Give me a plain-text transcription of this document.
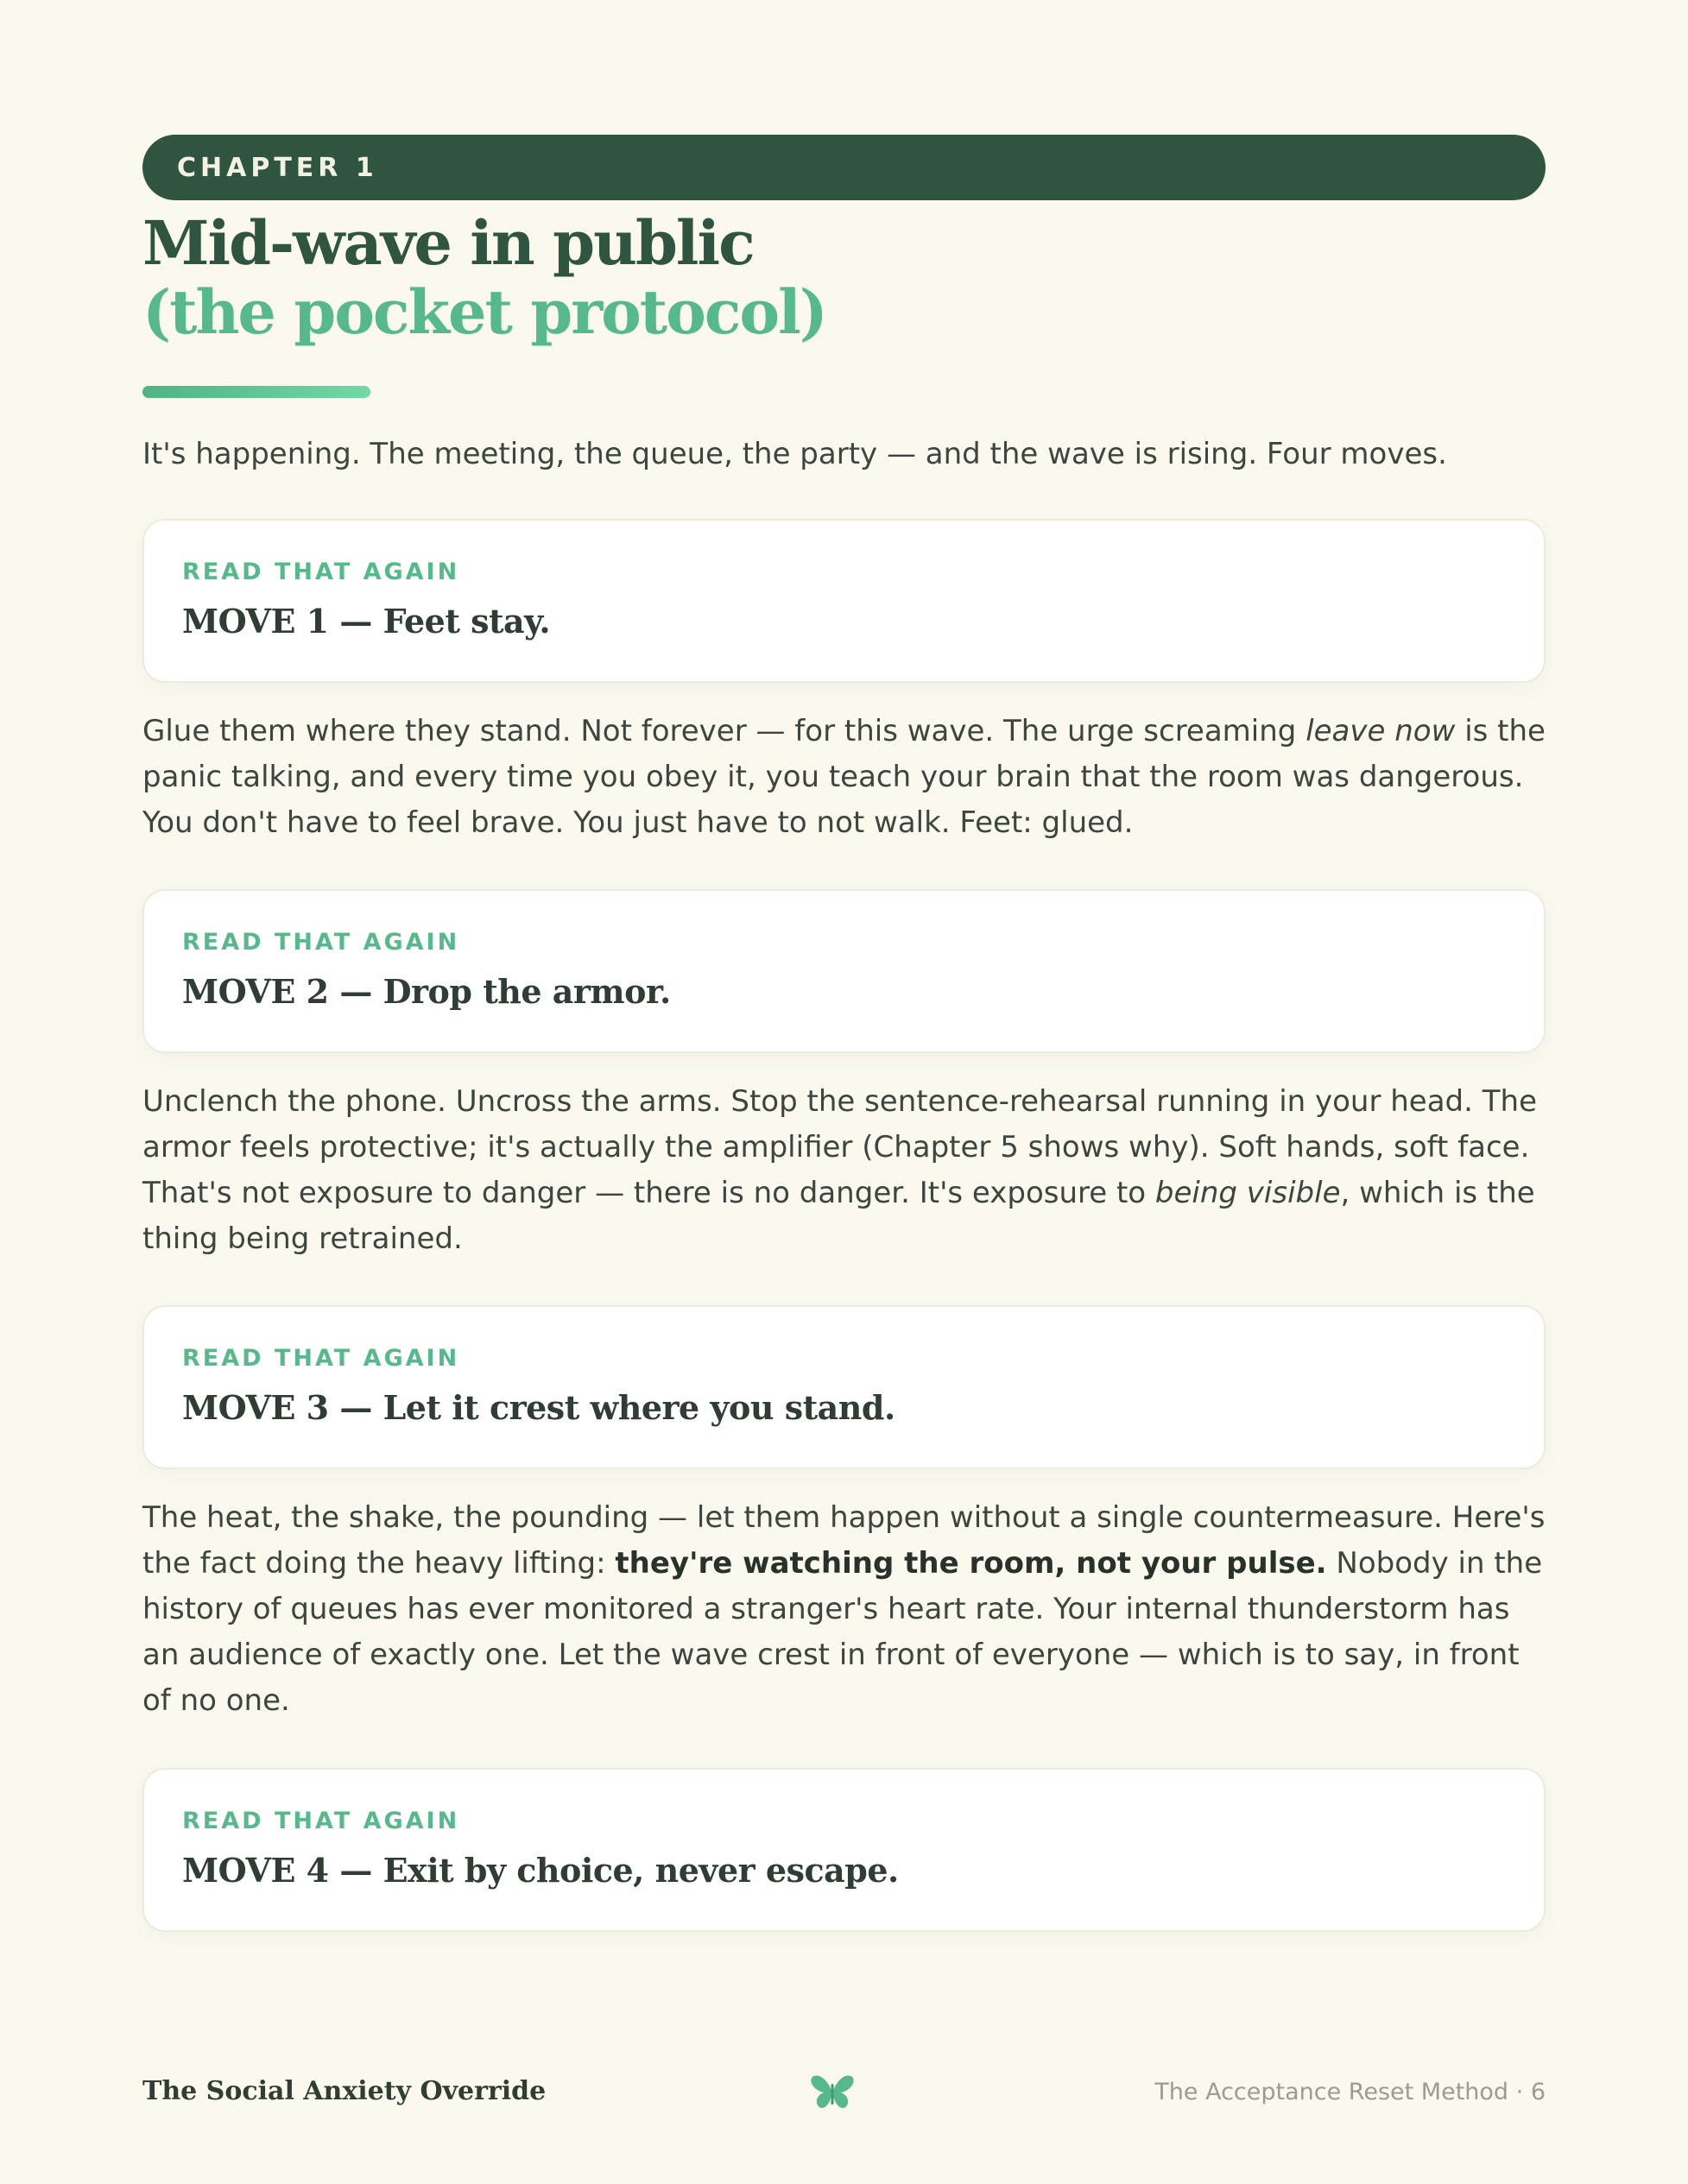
CHAPTER 1
Mid-wave in public
(the pocket protocol)

It's happening. The meeting, the queue, the party — and the wave is rising. Four moves.

READ THAT AGAIN
MOVE 1 — Feet stay.

Glue them where they stand. Not forever — for this wave. The urge screaming leave now is the panic talking, and every time you obey it, you teach your brain that the room was dangerous. You don't have to feel brave. You just have to not walk. Feet: glued.

READ THAT AGAIN
MOVE 2 — Drop the armor.

Unclench the phone. Uncross the arms. Stop the sentence-rehearsal running in your head. The armor feels protective; it's actually the amplifier (Chapter 5 shows why). Soft hands, soft face. That's not exposure to danger — there is no danger. It's exposure to being visible, which is the thing being retrained.

READ THAT AGAIN
MOVE 3 — Let it crest where you stand.

The heat, the shake, the pounding — let them happen without a single countermeasure. Here's the fact doing the heavy lifting: they're watching the room, not your pulse. Nobody in the history of queues has ever monitored a stranger's heart rate. Your internal thunderstorm has an audience of exactly one. Let the wave crest in front of everyone — which is to say, in front of no one.

READ THAT AGAIN
MOVE 4 — Exit by choice, never escape.
The Social Anxiety Override	The Acceptance Reset Method · 6
